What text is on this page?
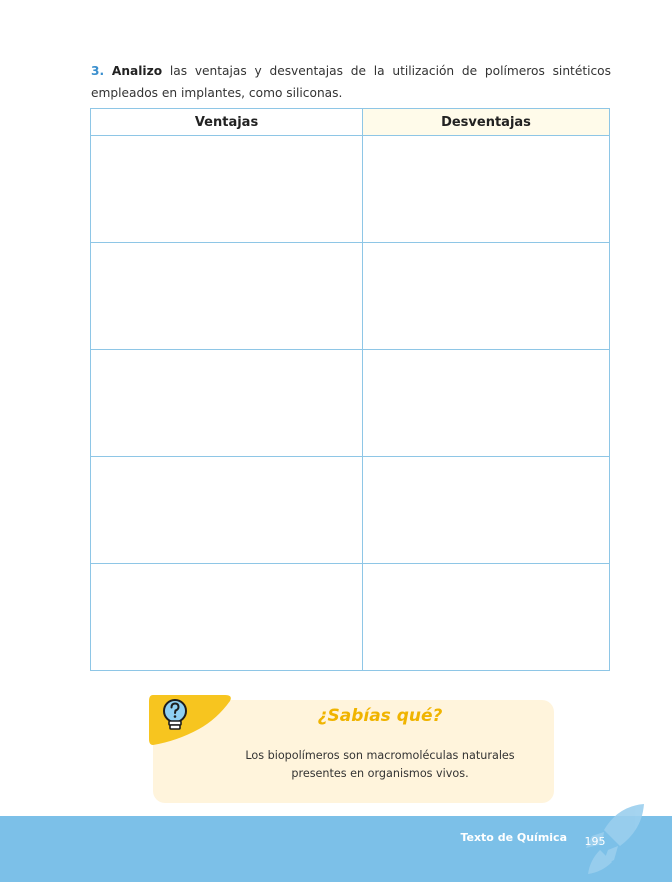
3. Analizo las ventajas y desventajas de la utilización de polímeros sintéticos empleados en implantes, como siliconas.

Ventajas	Desventajas

¿Sabías qué?

Los biopolímeros son macromoléculas naturales presentes en organismos vivos.

Texto de Química	195
